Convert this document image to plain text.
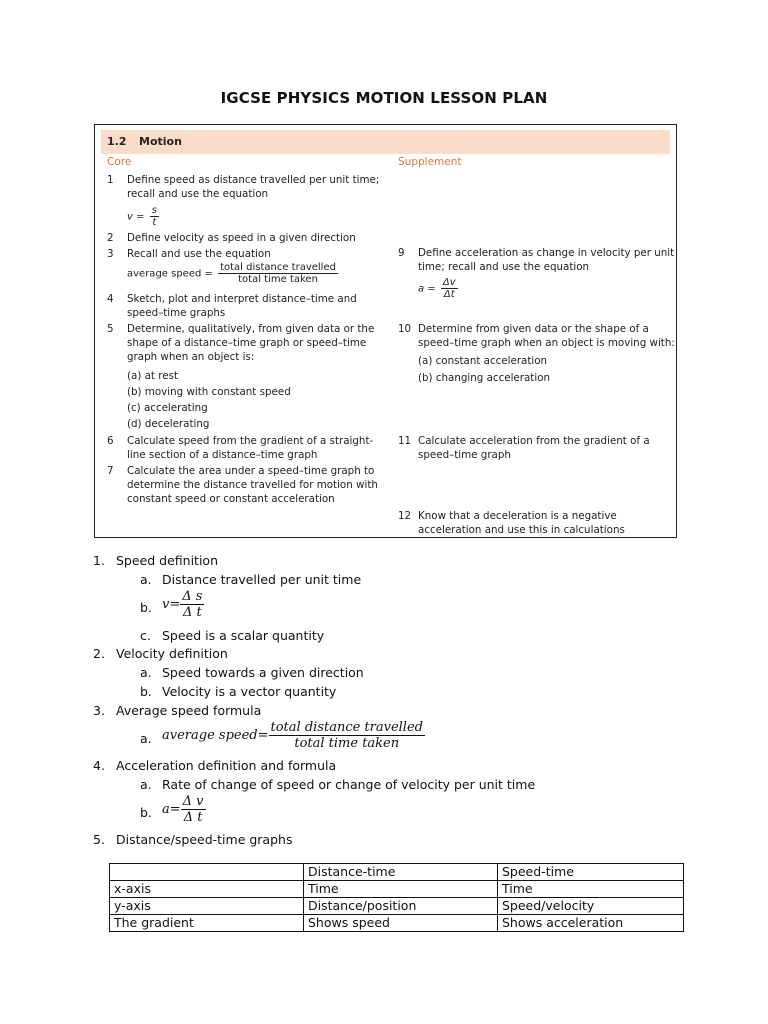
IGCSE PHYSICS MOTION LESSON PLAN
1.2 Motion
Core	Supplement
1 Define speed as distance travelled per unit time;
recall and use the equation
$v = \frac{s}{t}$
2 Define velocity as speed in a given direction
3 Recall and use the equation
average speed = $\frac{\text{total distance travelled}}{\text{total time taken}}$
4 Sketch, plot and interpret distance–time and
speed–time graphs
5 Determine, qualitatively, from given data or the
shape of a distance–time graph or speed–time
graph when an object is:
(a) at rest
(b) moving with constant speed
(c) accelerating
(d) decelerating
6 Calculate speed from the gradient of a straight-
line section of a distance–time graph
7 Calculate the area under a speed–time graph to
determine the distance travelled for motion with
constant speed or constant acceleration
9 Define acceleration as change in velocity per unit
time; recall and use the equation
$a = \frac{\Delta v}{\Delta t}$
10 Determine from given data or the shape of a
speed–time graph when an object is moving with:
(a) constant acceleration
(b) changing acceleration
11 Calculate acceleration from the gradient of a
speed–time graph
12 Know that a deceleration is a negative
acceleration and use this in calculations
1. Speed definition
a. Distance travelled per unit time
b. $v= \frac{\text{Δ s}}{\text{Δ t}}$
c. Speed is a scalar quantity
2. Velocity definition
a. Speed towards a given direction
b. Velocity is a vector quantity
3. Average speed formula
a. average speed=
total distance travelled
total time taken
4. Acceleration definition and formula
a. Rate of change of speed or change of velocity per unit time
b. $a= \frac{\text{Δ v}}{\text{Δ t}}$
5. Distance/speed-time graphs
	Distance-time	Speed-time
x-axis	Time	Time
y-axis	Distance/position	Speed/velocity
The gradient	Shows speed	Shows acceleration
